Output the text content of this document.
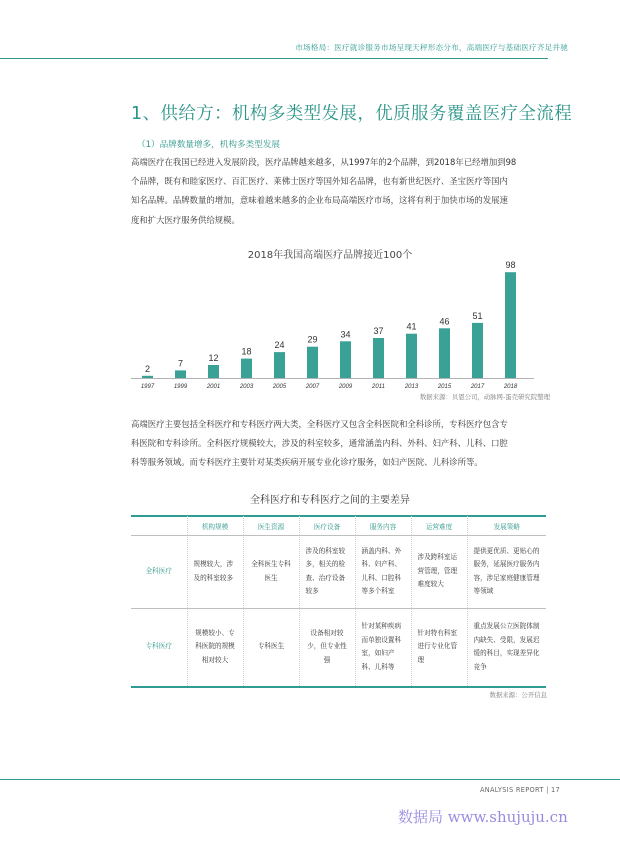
市场格局：医疗就诊服务市场呈现天秤形态分布，高端医疗与基础医疗齐足并驰
1、供给方：机构多类型发展，优质服务覆盖医疗全流程
（1）品牌数量增多，机构多类型发展

高端医疗在我国已经进入发展阶段，医疗品牌越来越多，从1997年的2个品牌，到2018年已经增加到98

个品牌，既有和睦家医疗、百汇医疗、莱佛士医疗等国外知名品牌，也有新世纪医疗、圣宝医疗等国内

知名品牌。品牌数量的增加，意味着越来越多的企业布局高端医疗市场，这将有利于加快市场的发展速

度和扩大医疗服务供给规模。

2018年我国高端医疗品牌接近100个
2
1997
7
1999
12
2001
18
2003
24
2005
29
2007
34
2009
37
2011
41
2013
46
2015
51
2017
98
2018
数据来源：贝恩公司，动脉网-蛋壳研究院整理

高端医疗主要包括全科医疗和专科医疗两大类，全科医疗又包含全科医院和全科诊所，专科医疗包含专

科医院和专科诊所。全科医疗规模较大，涉及的科室较多，通常涵盖内科、外科、妇产科、儿科、口腔

科等服务领域。而专科医疗主要针对某类疾病开展专业化诊疗服务，如妇产医院、儿科诊所等。

全科医疗和专科医疗之间的主要差异
	机构规模	医生资源	医疗设备	服务内容	运营难度	发展策略
全科医疗	规模较大，涉及的科室较多	全科医生专科医生	涉及的科室较多，相关的检查、治疗设备较多	涵盖内科、外科、妇产科、儿科、口腔科等多个科室	涉及跨科室运营管理，管理难度较大	提供更优质、更贴心的服务，延展医疗服务内容，涉足家庭健康管理等领域
专科医疗	规模较小、专科医院的规模相对较大	专科医生	设备相对较少，但专业性强	针对某种疾病而单独设置科室，如妇产科、儿科等	针对特有科室进行专业化管理	重点发展公立医院体制内缺失、受限，发展迟缓的科目，实现差异化竞争
数据来源：公开信息
ANALYSIS REPORT | 17
数据局 www.shujuju.cn
